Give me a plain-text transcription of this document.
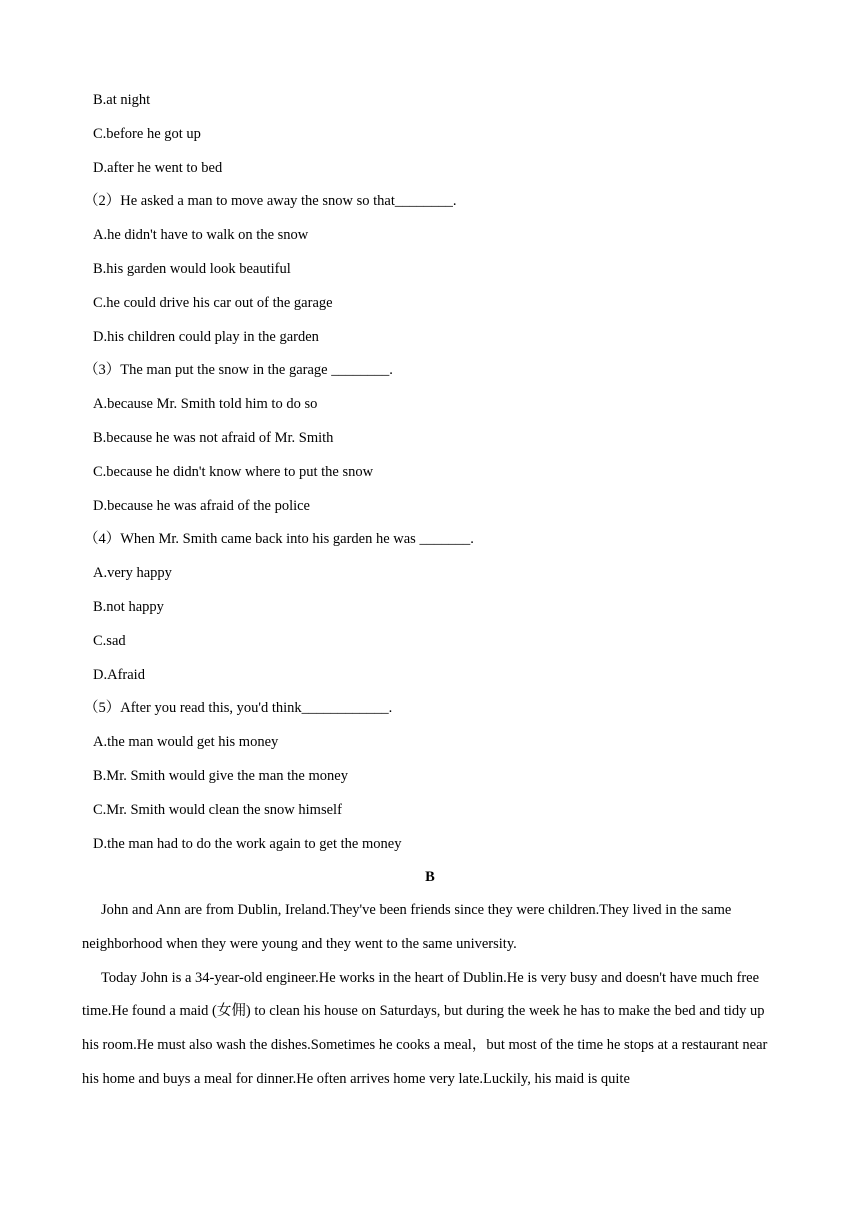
B.at night
C.before he got up
D.after he went to bed
（2）He asked a man to move away the snow so that________.
A.he didn't have to walk on the snow
B.his garden would look beautiful
C.he could drive his car out of the garage
D.his children could play in the garden
（3）The man put the snow in the garage ________.
A.because Mr. Smith told him to do so
B.because he was not afraid of Mr. Smith
C.because he didn't know where to put the snow
D.because he was afraid of the police
（4）When Mr. Smith came back into his garden he was _______.
A.very happy
B.not happy
C.sad
D.Afraid
（5）After you read this, you'd think____________.
A.the man would get his money
B.Mr. Smith would give the man the money
C.Mr. Smith would clean the snow himself
D.the man had to do the work again to get the money
B

John and Ann are from Dublin, Ireland.They've been friends since they were children.They lived in the same neighborhood when they were young and they went to the same university.

Today John is a 34-year-old engineer.He works in the heart of Dublin.He is very busy and doesn't have much free time.He found a maid (女佣) to clean his house on Saturdays, but during the week he has to make the bed and tidy up his room.He must also wash the dishes.Sometimes he cooks a meal，but most of the time he stops at a restaurant near his home and buys a meal for dinner.He often arrives home very late.Luckily, his maid is quite
